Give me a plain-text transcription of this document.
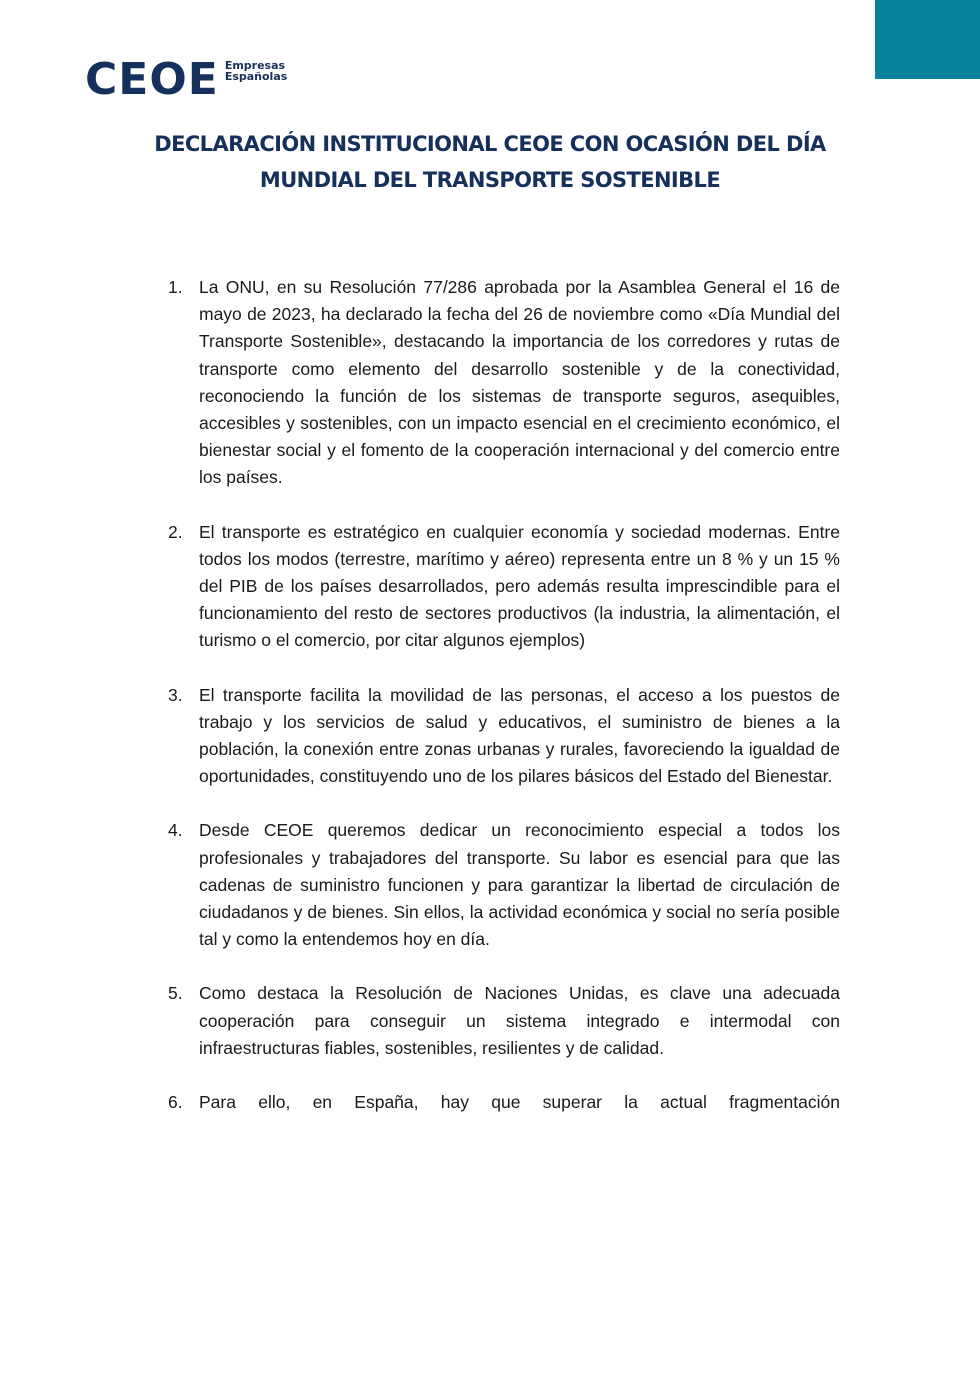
CEOE Empresas
Españolas
DECLARACIÓN INSTITUCIONAL CEOE CON OCASIÓN DEL DÍA
MUNDIAL DEL TRANSPORTE SOSTENIBLE
1. La ONU, en su Resolución 77/286 aprobada por la Asamblea General el 16 de mayo de 2023, ha declarado la fecha del 26 de noviembre como «Día Mundial del Transporte Sostenible», destacando la importancia de los corredores y rutas de transporte como elemento del desarrollo sostenible y de la conectividad, reconociendo la función de los sistemas de transporte seguros, asequibles, accesibles y sostenibles, con un impacto esencial en el crecimiento económico, el bienestar social y el fomento de la cooperación internacional y del comercio entre los países.
2. El transporte es estratégico en cualquier economía y sociedad modernas. Entre todos los modos (terrestre, marítimo y aéreo) representa entre un 8 % y un 15 % del PIB de los países desarrollados, pero además resulta imprescindible para el funcionamiento del resto de sectores productivos (la industria, la alimentación, el turismo o el comercio, por citar algunos ejemplos)
3. El transporte facilita la movilidad de las personas, el acceso a los puestos de trabajo y los servicios de salud y educativos, el suministro de bienes a la población, la conexión entre zonas urbanas y rurales, favoreciendo la igualdad de oportunidades, constituyendo uno de los pilares básicos del Estado del Bienestar.
4. Desde CEOE queremos dedicar un reconocimiento especial a todos los profesionales y trabajadores del transporte. Su labor es esencial para que las cadenas de suministro funcionen y para garantizar la libertad de circulación de ciudadanos y de bienes. Sin ellos, la actividad económica y social no sería posible tal y como la entendemos hoy en día.
5. Como destaca la Resolución de Naciones Unidas, es clave una adecuada cooperación para conseguir un sistema integrado e intermodal con infraestructuras fiables, sostenibles, resilientes y de calidad.
6. Para ello, en España, hay que superar la actual fragmentación
